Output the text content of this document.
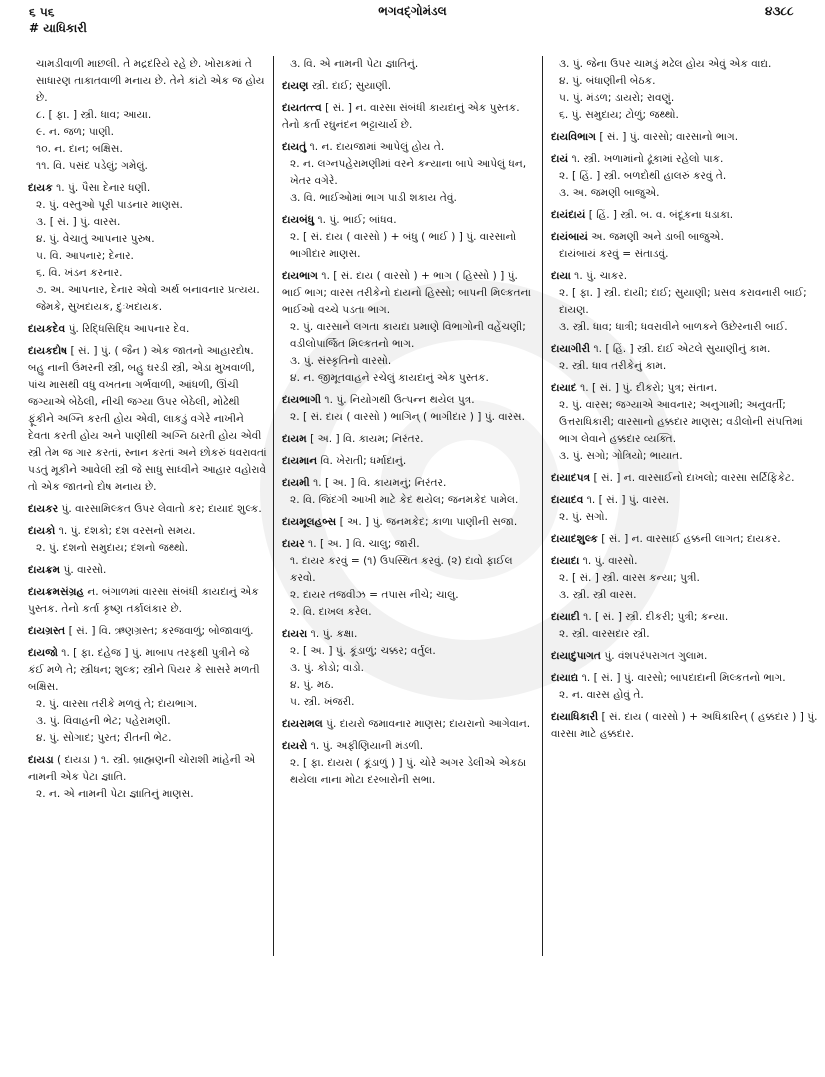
૬ ૫૬
# યાધિકારી
ભગવદ્ગોમંડલ	૪૩૮૮
ચામડીવાળી માછલી. તે મદ્રદરિયે રહે છે. ખોરાકમાં તે સાધારણ તાકાતવાળી મનાય છે. તેને કાંટો એક જ હોય છે.
૮. [ ફા. ] સ્ત્રી. ધાવ; આયા.
૯. ન. જળ; પાણી.
૧૦. ન. દાન; બક્ષિસ.
૧૧. વિ. પસંદ પડેલું; ગમેલું.
દાયક ૧. પું. પૈસા દેનાર ધણી.
૨. પું. વસ્તુઓ પૂરી પાડનાર માણસ.
૩. [ સં. ] પું. વારસ.
૪. પું. વેચાતું આપનાર પુરુષ.
૫. વિ. આપનાર; દેનાર.
૬. વિ. ખંડન કરનાર.
૭. અ. આપનાર, દેનાર એવો અર્થ બનાવનાર પ્રત્યય. જેમકે, સુખદાયક, દુઃખદાયક.
દાયકદેવ પું. રિદ્ધિસિદ્ધિ આપનાર દેવ.
દાયકદોષ [ સં. ] પું. ( જૈન ) એક જાતનો આહારદોષ. બહુ નાની ઉંમરની સ્ત્રી, બહુ ઘરડી સ્ત્રી, એડા મુખવાળી, પાંચ માસથી વધુ વખતના ગર્ભવાળી, આંધળી, ઊંચી જગ્યાએ બેઠેલી, નીચી જગ્યા ઉપર બેઠેલી, મોઢેથી ફૂંકીને અગ્નિ કરતી હોય એવી, લાકડું વગેરે નાખીને દેવતા કરતી હોય અને પાણીથી અગ્નિ ઠારતી હોય એવી સ્ત્રી તેમ જ ગાર કરતાં, સ્નાન કરતાં અને છોકરું ધવરાવતાં પડતું મૂકીને આવેલી સ્ત્રી જે સાધુ સાધ્વીને આહાર વહોરાવે તો એક જાતનો દોષ મનાય છે.
દાયકર પું. વારસામિલ્કત ઉપર લેવાતો કર; દાયાદ શુલ્ક.
દાયકો ૧. પું. દશકો; દશ વરસનો સમય.
૨. પું. દશનો સમુદાય; દશનો જથ્થો.
દાયક્રમ પું. વારસો.
દાયક્રમસંગ્રહ ન. બંગાળમાં વારસા સંબંધી કાયદાનું એક પુસ્તક. તેનો કર્તા કૃષ્ણ તર્કાલંકાર છે.
દાયગ્રસ્ત [ સં. ] વિ. ઋણગ્રસ્ત; કરજવાળું; બોજાવાળું.
દાયજો ૧. [ ફા. દહેજ ] પું. માબાપ તરફથી પુત્રીને જે કંઈ મળે તે; સ્ત્રીધન; શુલ્ક; સ્ત્રીને પિયર કે સાસરે મળતી બક્ષિસ.
૨. પું. વારસા તરીકે મળવું તે; દાયભાગ.
૩. પું. વિવાહની ભેટ; પહેરામણી.
૪. પું. સોગાદ; પુરત; રીતની ભેટ.
દાયડા ( દાયડા ) ૧. સ્ત્રી. બ્રાહ્મણની ચોરાશી માંહેની એ નામની એક પેટા જ્ઞાતિ.
૨. ન. એ નામની પેટા જ્ઞાતિનું માણસ.
૩. વિ. એ નામની પેટા જ્ઞાતિનું.
દાયણ સ્ત્રી. દાઈ; સુયાણી.
દાયતત્ત્વ [ સં. ] ન. વારસા સંબંધી કાયદાનું એક પુસ્તક. તેનો કર્તા રઘુનંદન ભટ્ટાચાર્ય છે.
દાયતું ૧. ન. દાયજામાં આપેલું હોય તે.
૨. ન. લગ્નપહેરામણીમાં વરને કન્યાના બાપે આપેલું ધન, ખેતર વગેરે.
૩. વિ. ભાઈઓમાં ભાગ પાડી શકાય તેવું.
દાયબંધુ ૧. પું. ભાઈ; બાંધવ.
૨. [ સં. દાય ( વારસો ) + બંધુ ( ભાઈ ) ] પું. વારસાનો ભાગીદાર માણસ.
દાયભાગ ૧. [ સં. દાય ( વારસો ) + ભાગ ( હિસ્સો ) ] પું. ભાઈ ભાગ; વારસ તરીકેનો દાયનો હિસ્સો; બાપની મિલ્કતના ભાઈઓ વચ્ચે પડતા ભાગ.
૨. પું. વારસાને લગતા કાયદા પ્રમાણે વિભાગોની વહેંચણી; વડીલોપાર્જિત મિલ્કતનો ભાગ.
૩. પું. સંસ્કૃતિનો વારસો.
૪. ન. જીમૂતવાહને રચેલું કાયદાનું એક પુસ્તક.
દાયભાગી ૧. પું. નિયોગથી ઉત્પન્ન થયેલ પુત્ર.
૨. [ સં. દાય ( વારસો ) ભાગિન્ ( ભાગીદાર ) ] પું. વારસ.
દાયમ [ અ. ] વિ. કાયમ; નિરંતર.
દાયમાન વિ. ખેરાતી; ધર્માદાનું.
દાયમી ૧. [ અ. ] વિ. કાયમનું; નિરંતર.
૨. વિ. જિંદગી આખી માટે કેદ થયેલ; જનમકેદ પામેલ.
દાયમૂલહબ્સ [ અ. ] પું. જનમકેદ; કાળા પાણીની સજા.
દાયર ૧. [ અ. ] વિ. ચાલુ; જારી.
૧. દાયર કરવું = (૧) ઉપસ્થિત કરવું. (૨) દાવો ફાઈલ કરવો.
૨. દાયર તજવીઝ = તપાસ નીચે; ચાલુ.
૨. વિ. દાખલ કરેલ.
દાયરા ૧. પું. કક્ષા.
૨. [ અ. ] પું. કૂંડાળું; ચક્કર; વર્તુલ.
૩. પું. કોડો; વાડો.
૪. પું. મઠ.
૫. સ્ત્રી. ખંજરી.
દાયરામલ પું. દાયરો જમાવનાર માણસ; દાયરાનો આગેવાન.
દાયરો ૧. પું. અફીણિયાની મંડળી.
૨. [ ફા. દાયરા ( કૂંડાળું ) ] પું. ચોરે અગર ડેલીએ એકઠા થયેલા નાના મોટા દરબારોની સભા.
૩. પું. જેના ઉપર ચામડું મઢેલ હોય એવું એક વાદ્ય.
૪. પું. બંધાણીની બેઠક.
૫. પું. મંડળ; ડાયરો; રાવણું.
૬. પું. સમુદાય; ટોળું; જથ્થો.
દાયવિભાગ [ સં. ] પું. વારસો; વારસાનો ભાગ.
દાયં ૧. સ્ત્રી. ખળામાંનો ઢૂંકામાં રહેલો પાક.
૨. [ હિં. ] સ્ત્રી. બળદોથી હાલરું કરવું તે.
૩. અ. જમણી બાજુએ.
દાયંદાયં [ હિં. ] સ્ત્રી. બ. વ. બંદૂકના ધડાકા.
દાયંબાયં અ. જમણી અને ડાબી બાજુએ.
દાયંબાયં કરવું = સંતાડવું.
દાયા ૧. પું. ચાકર.
૨. [ ફા. ] સ્ત્રી. દાયી; દાઈ; સુયાણી; પ્રસવ કરાવનારી બાઈ; દાયણ.
૩. સ્ત્રી. ધાવ; ધાત્રી; ધવરાવીને બાળકને ઉછેરનારી બાઈ.
દાયાગીરી ૧. [ હિં. ] સ્ત્રી. દાઈ એટલે સુયાણીનું કામ.
૨. સ્ત્રી. ધાવ તરીકેનું કામ.
દાયાદ ૧. [ સં. ] પું. દીકરો; પુત્ર; સંતાન.
૨. પું. વારસ; જગ્યાએ આવનાર; અનુગામી; અનુવર્તી; ઉત્તરાધિકારી; વારસાનો હક્કદાર માણસ; વડીલોની સંપત્તિમાં ભાગ લેવાને હક્કદાર વ્યક્તિ.
૩. પું. સગો; ગોત્રિયો; ભાયાત.
દાયાદપત્ર [ સં. ] ન. વારસાઈનો દાખલો; વારસા સર્ટિફિકેટ.
દાયાદવ ૧. [ સં. ] પું. વારસ.
૨. પું. સગો.
દાયાદશુલ્ક [ સં. ] ન. વારસાઈ હક્કની લાગત; દાયકર.
દાયાદા ૧. પું. વારસો.
૨. [ સં. ] સ્ત્રી. વારસ કન્યા; પુત્રી.
૩. સ્ત્રી. સ્ત્રી વારસ.
દાયાદી ૧. [ સં. ] સ્ત્રી. દીકરી; પુત્રી; કન્યા.
૨. સ્ત્રી. વારસદાર સ્ત્રી.
દાયાદુપાગત પું. વંશપરંપરાગત ગુલામ.
દાયાદ્ય ૧. [ સં. ] પું. વારસો; બાપદાદાની મિલ્કતનો ભાગ.
૨. ન. વારસ હોવું તે.
દાયાધિકારી [ સં. દાય ( વારસો ) + અધિકારિન્ ( હક્કદાર ) ] પું. વારસા માટે હક્કદાર.
